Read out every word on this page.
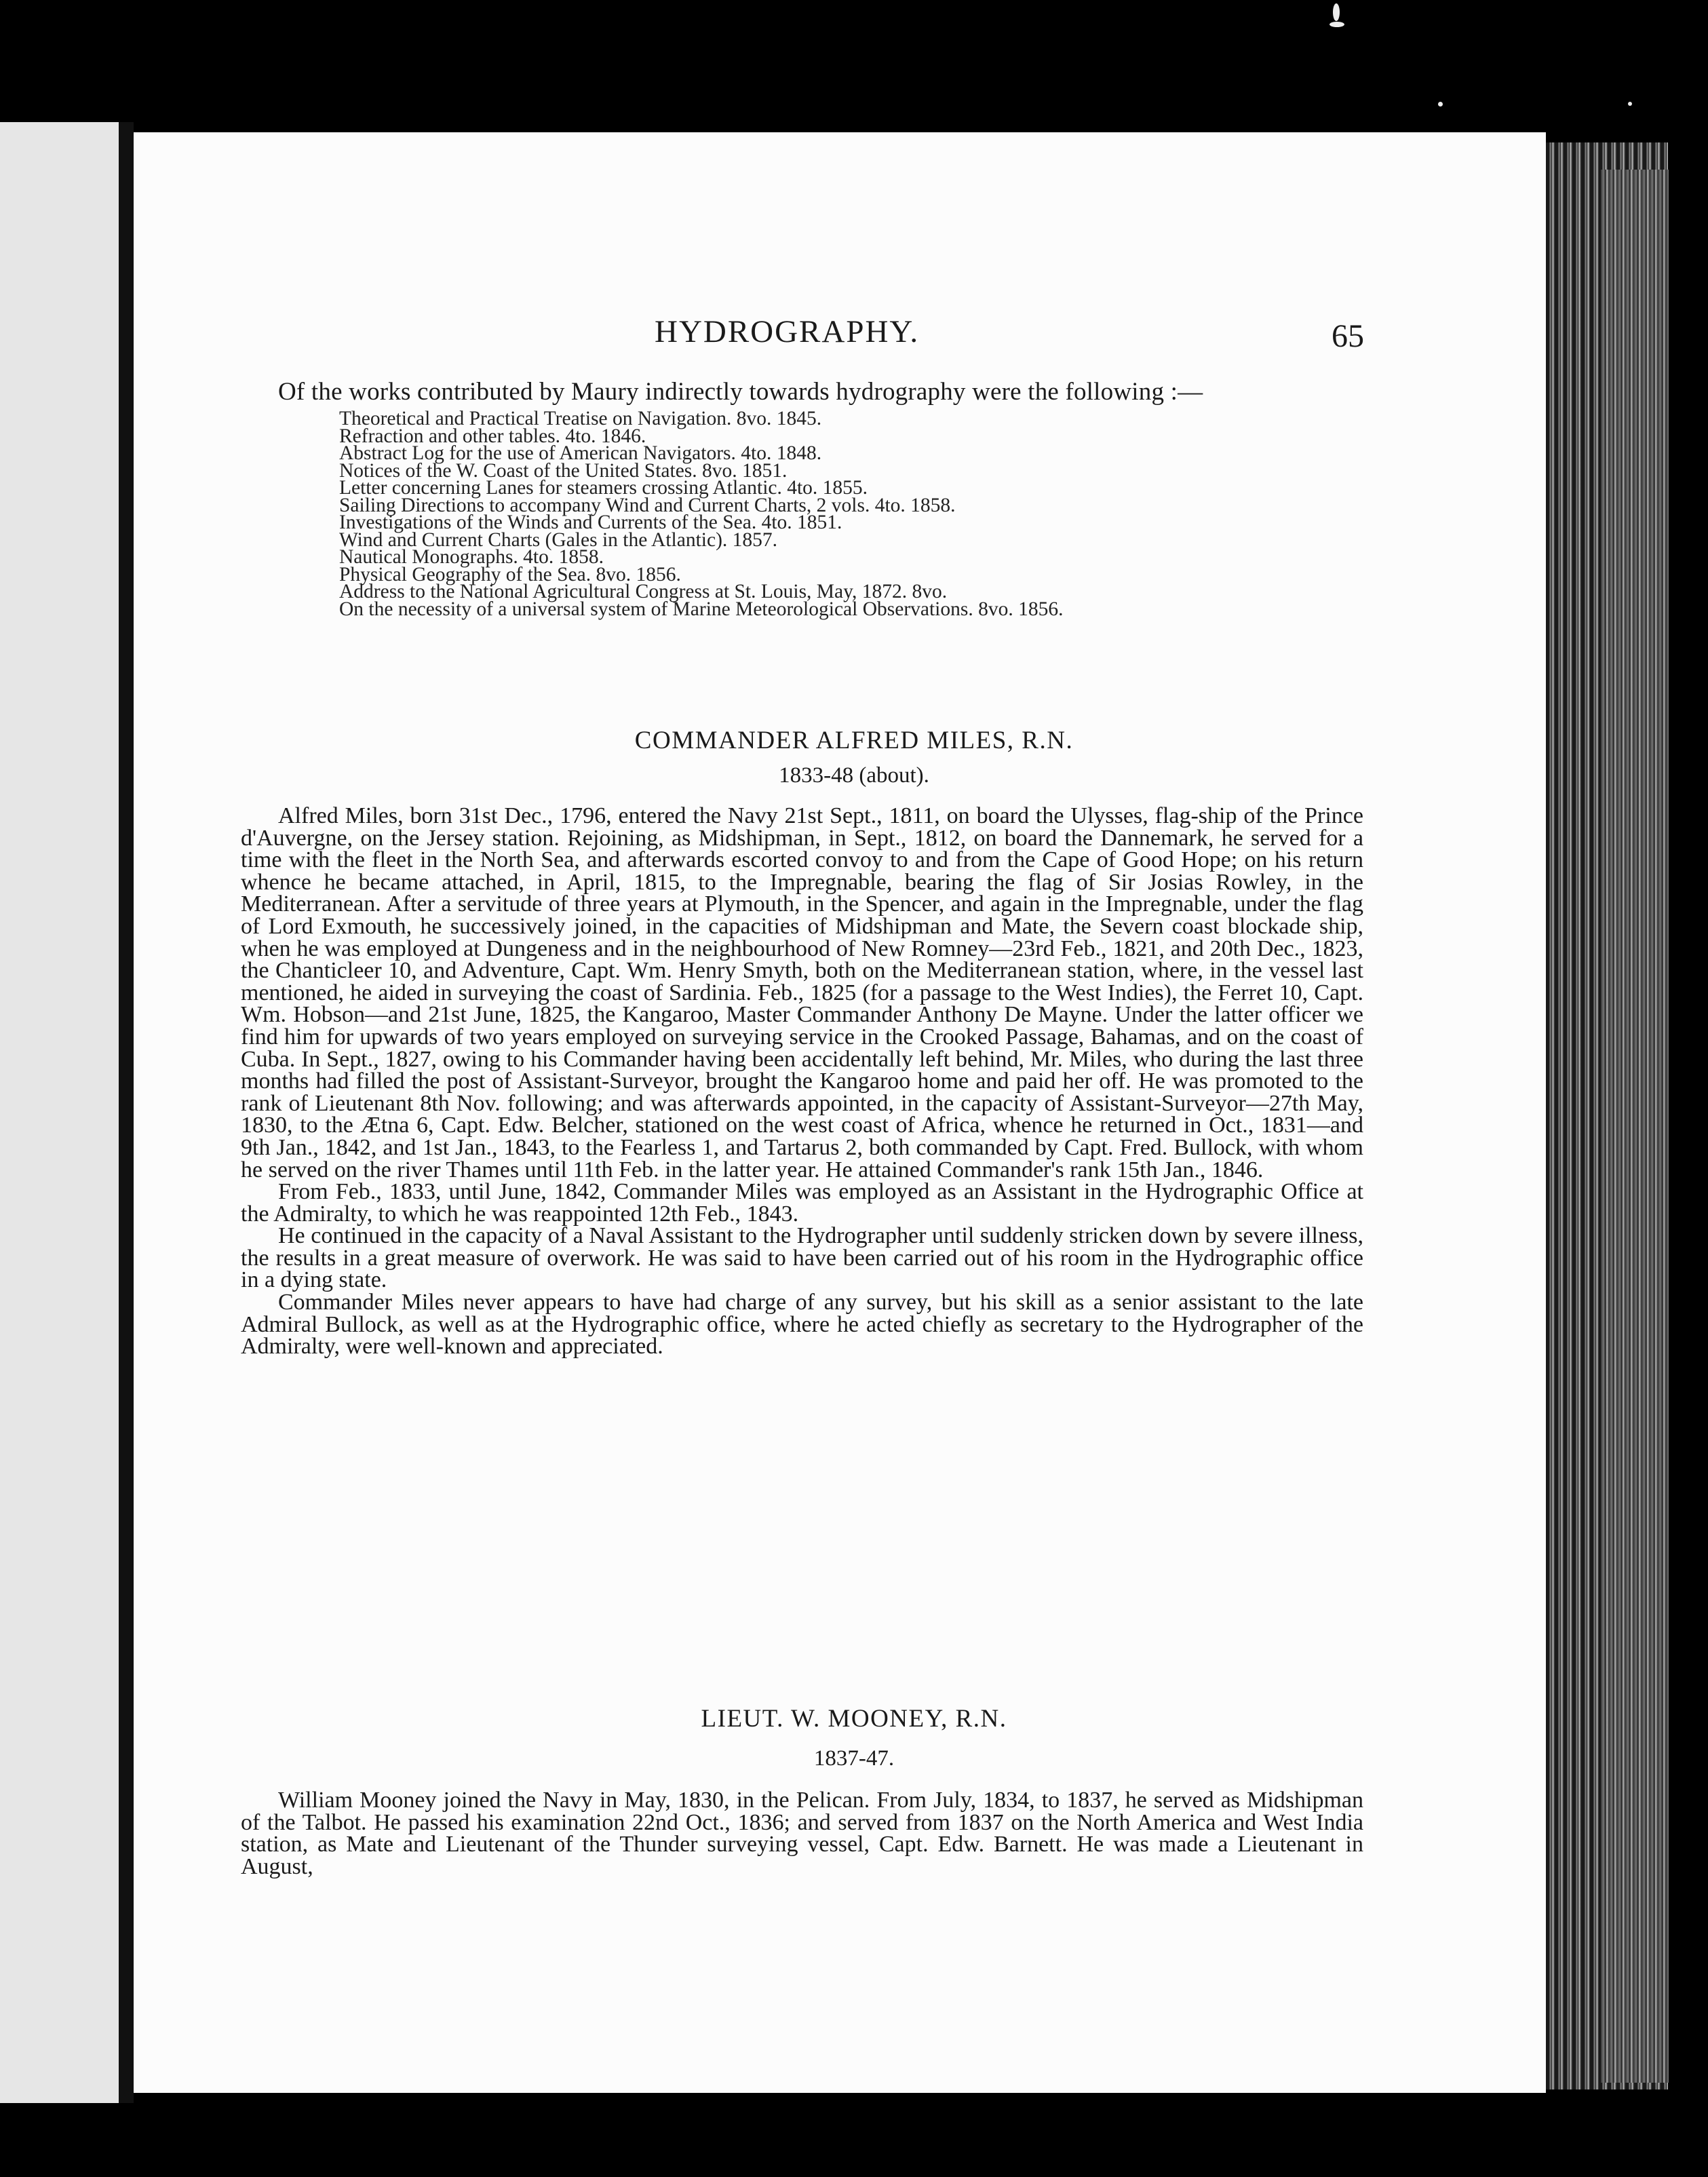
HYDROGRAPHY.	65
Of the works contributed by Maury indirectly towards hydrography were the following :—
Theoretical and Practical Treatise on Navigation. 8vo. 1845.
Refraction and other tables. 4to. 1846.
Abstract Log for the use of American Navigators. 4to. 1848.
Notices of the W. Coast of the United States. 8vo. 1851.
Letter concerning Lanes for steamers crossing Atlantic. 4to. 1855.
Sailing Directions to accompany Wind and Current Charts, 2 vols. 4to. 1858.
Investigations of the Winds and Currents of the Sea. 4to. 1851.
Wind and Current Charts (Gales in the Atlantic). 1857.
Nautical Monographs. 4to. 1858.
Physical Geography of the Sea. 8vo. 1856.
Address to the National Agricultural Congress at St. Louis, May, 1872. 8vo.
On the necessity of a universal system of Marine Meteorological Observations. 8vo. 1856.
COMMANDER ALFRED MILES, R.N.
1833-48 (about).

Alfred Miles, born 31st Dec., 1796, entered the Navy 21st Sept., 1811, on board the Ulysses, flag-ship of the Prince d'Auvergne, on the Jersey station. Rejoining, as Midshipman, in Sept., 1812, on board the Dannemark, he served for a time with the fleet in the North Sea, and afterwards escorted convoy to and from the Cape of Good Hope; on his return whence he became attached, in April, 1815, to the Impregnable, bearing the flag of Sir Josias Rowley, in the Mediterranean. After a servitude of three years at Plymouth, in the Spencer, and again in the Impregnable, under the flag of Lord Exmouth, he successively joined, in the capacities of Midshipman and Mate, the Severn coast blockade ship, when he was employed at Dungeness and in the neighbourhood of New Romney—23rd Feb., 1821, and 20th Dec., 1823, the Chanticleer 10, and Adventure, Capt. Wm. Henry Smyth, both on the Mediterranean station, where, in the vessel last mentioned, he aided in surveying the coast of Sardinia. Feb., 1825 (for a passage to the West Indies), the Ferret 10, Capt. Wm. Hobson—and 21st June, 1825, the Kangaroo, Master Commander Anthony De Mayne. Under the latter officer we find him for upwards of two years employed on surveying service in the Crooked Passage, Bahamas, and on the coast of Cuba. In Sept., 1827, owing to his Commander having been accidentally left behind, Mr. Miles, who during the last three months had filled the post of Assistant-Surveyor, brought the Kangaroo home and paid her off. He was promoted to the rank of Lieutenant 8th Nov. following; and was afterwards appointed, in the capacity of Assistant-Surveyor—27th May, 1830, to the Ætna 6, Capt. Edw. Belcher, stationed on the west coast of Africa, whence he returned in Oct., 1831—and 9th Jan., 1842, and 1st Jan., 1843, to the Fearless 1, and Tartarus 2, both commanded by Capt. Fred. Bullock, with whom he served on the river Thames until 11th Feb. in the latter year. He attained Commander's rank 15th Jan., 1846.

From Feb., 1833, until June, 1842, Commander Miles was employed as an Assistant in the Hydrographic Office at the Admiralty, to which he was reappointed 12th Feb., 1843.

He continued in the capacity of a Naval Assistant to the Hydrographer until suddenly stricken down by severe illness, the results in a great measure of overwork. He was said to have been carried out of his room in the Hydrographic office in a dying state.

Commander Miles never appears to have had charge of any survey, but his skill as a senior assistant to the late Admiral Bullock, as well as at the Hydrographic office, where he acted chiefly as secretary to the Hydrographer of the Admiralty, were well-known and appreciated.

LIEUT. W. MOONEY, R.N.
1837-47.

William Mooney joined the Navy in May, 1830, in the Pelican. From July, 1834, to 1837, he served as Midshipman of the Talbot. He passed his examination 22nd Oct., 1836; and served from 1837 on the North America and West India station, as Mate and Lieutenant of the Thunder surveying vessel, Capt. Edw. Barnett. He was made a Lieutenant in August,
